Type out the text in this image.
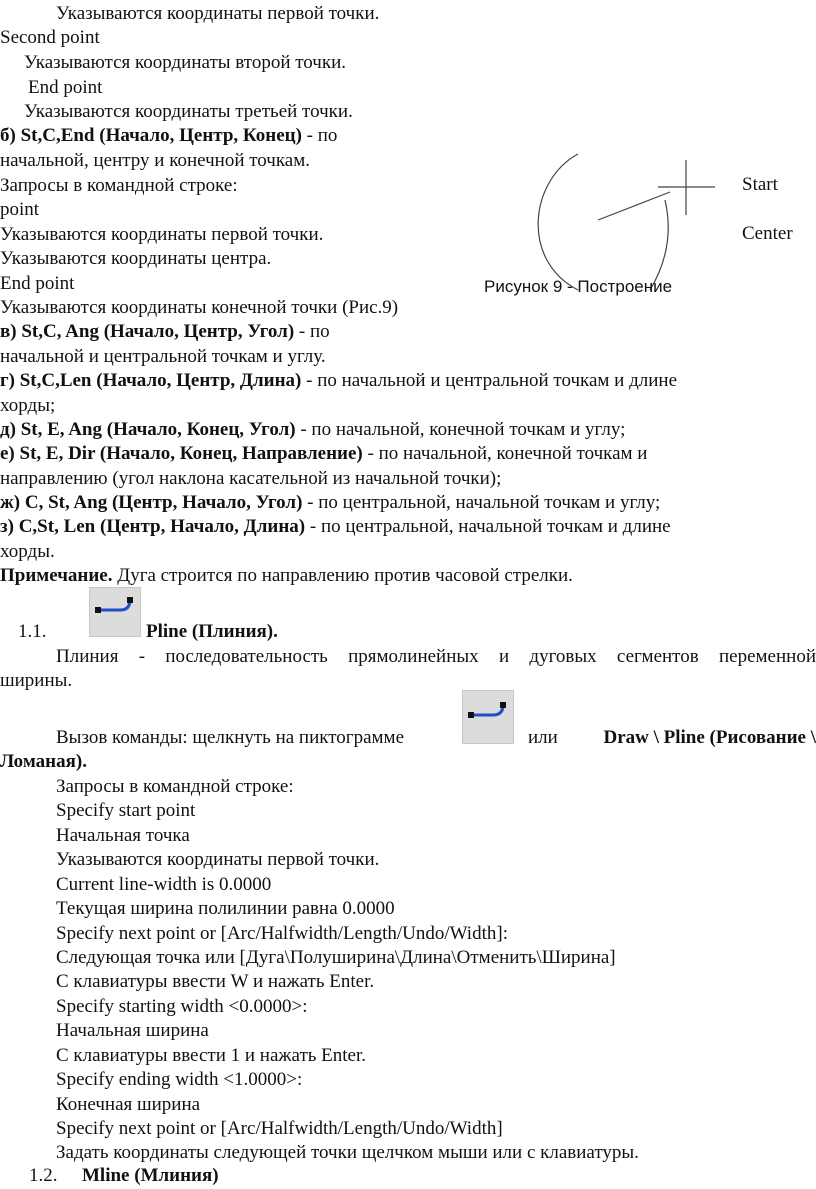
Указываются координаты первой точки.
Second point
Указываются координаты второй точки.
End point
Указываются координаты третьей точки.
б) St,C,End (Начало, Центр, Конец) - по
начальной, центру и конечной точкам.
Запросы в командной строке:
point
Указываются координаты первой точки.
Указываются координаты центра.
End point
Указываются координаты конечной точки (Рис.9)
в) St,C, Ang (Начало, Центр, Угол) - по
начальной и центральной точкам и углу.
г) St,C,Len (Начало, Центр, Длина) - по начальной и центральной точкам и длине
хорды;
д) St, E, Ang (Начало, Конец, Угол) - по начальной, конечной точкам и углу;
е) St, E, Dir (Начало, Конец, Направление) - по начальной, конечной точкам и
направлению (угол наклона касательной из начальной точки);
ж) С, St, Ang (Центр, Начало, Угол) - по центральной, начальной точкам и углу;
з) С,St, Len (Центр, Начало, Длина) - по центральной, начальной точкам и длине
хорды.
Примечание. Дуга строится по направлению против часовой стрелки.
Start
Center
Рисунок 9 - Построение
1.1.	Pline (Плиния).
Плиния - последовательность прямолинейных и дуговых сегментов переменной
ширины.
Вызов команды: щелкнуть на пиктограмме	или	Draw \ Pline (Рисование \
Ломаная).
Запросы в командной строке:
Specify start point
Начальная точка
Указываются координаты первой точки.
Current line-width is 0.0000
Текущая ширина полилинии равна 0.0000
Specify next point or [Arc/Halfwidth/Length/Undo/Width]:
Следующая точка или [Дуга\Полуширина\Длина\Отменить\Ширина]
С клавиатуры ввести W и нажать Enter.
Specify starting width <0.0000>:
Начальная ширина
С клавиатуры ввести 1 и нажать Enter.
Specify ending width <1.0000>:
Конечная ширина
Specify next point or [Arc/Halfwidth/Length/Undo/Width]
Задать координаты следующей точки щелчком мыши или с клавиатуры.
1.2. Mline (Млиния)
